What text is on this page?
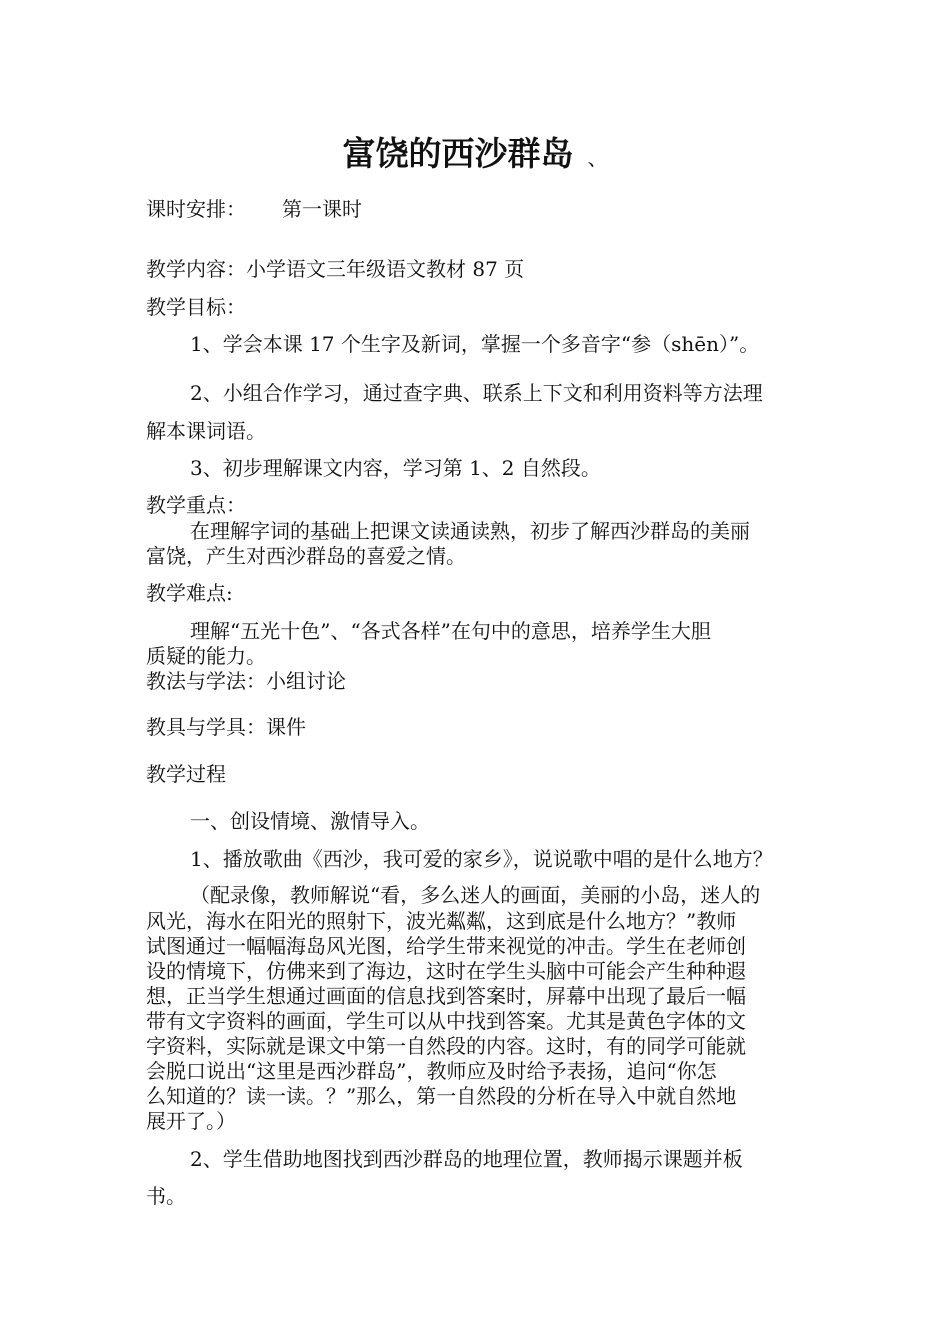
富饶的西沙群岛 、
课时安排： 第一课时
教学内容：小学语文三年级语文教材 87 页
教学目标：
1、学会本课 17 个生字及新词，掌握一个多音字“参（shēn）”。
2、小组合作学习，通过查字典、联系上下文和利用资料等方法理
解本课词语。
3、初步理解课文内容，学习第 1、2 自然段。
教学重点：
在理解字词的基础上把课文读通读熟，初步了解西沙群岛的美丽
富饶，产生对西沙群岛的喜爱之情。
教学难点:
理解“五光十色”、“各式各样”在句中的意思，培养学生大胆
质疑的能力。
教法与学法：小组讨论
教具与学具：课件
教学过程
一、创设情境、激情导入。
1、播放歌曲《西沙，我可爱的家乡》，说说歌中唱的是什么地方？
（配录像，教师解说“看，多么迷人的画面，美丽的小岛，迷人的
风光，海水在阳光的照射下，波光粼粼，这到底是什么地方？”教师
试图通过一幅幅海岛风光图，给学生带来视觉的冲击。学生在老师创
设的情境下，仿佛来到了海边，这时在学生头脑中可能会产生种种遐
想，正当学生想通过画面的信息找到答案时，屏幕中出现了最后一幅
带有文字资料的画面，学生可以从中找到答案。尤其是黄色字体的文
字资料，实际就是课文中第一自然段的内容。这时，有的同学可能就
会脱口说出“这里是西沙群岛”，教师应及时给予表扬，追问“你怎
么知道的？读一读。？”那么，第一自然段的分析在导入中就自然地
展开了。）
2、学生借助地图找到西沙群岛的地理位置，教师揭示课题并板
书。
